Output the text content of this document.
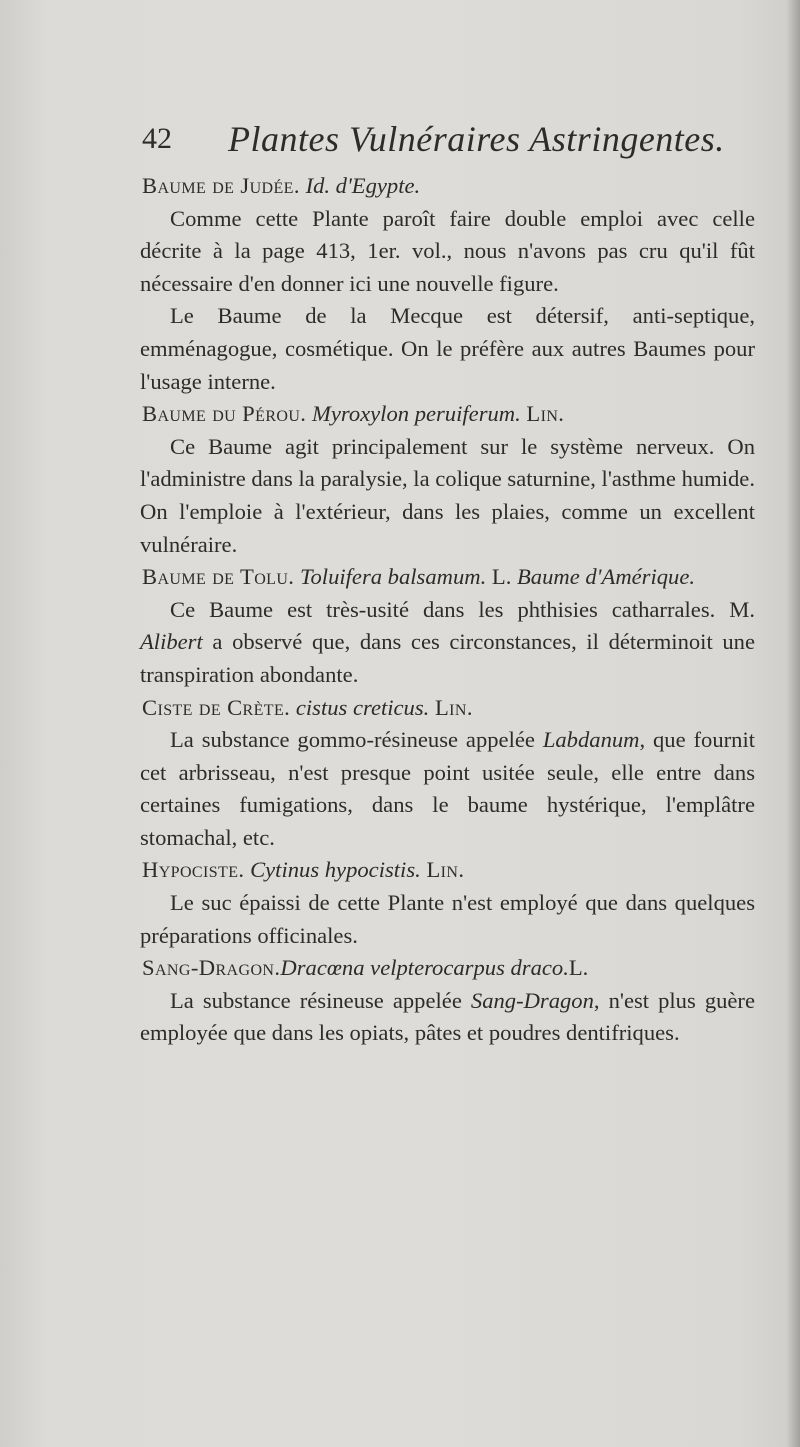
42 Plantes Vulnéraires Astringentes.

Baume de Judée. Id. d'Egypte.

Comme cette Plante paroît faire double emploi avec celle décrite à la page 413, 1er. vol., nous n'avons pas cru qu'il fût nécessaire d'en donner ici une nouvelle figure.

Le Baume de la Mecque est détersif, anti-septique, emménagogue, cosmétique. On le préfère aux autres Baumes pour l'usage interne.

Baume du Pérou. Myroxylon peruiferum. Lin.

Ce Baume agit principalement sur le système nerveux. On l'administre dans la paralysie, la colique saturnine, l'asthme humide. On l'emploie à l'extérieur, dans les plaies, comme un excellent vulnéraire.

Baume de Tolu. Toluifera balsamum. L. Baume d'Amérique.

Ce Baume est très-usité dans les phthisies catharrales. M. Alibert a observé que, dans ces circonstances, il déterminoit une transpiration abondante.

Ciste de Crète. cistus creticus. Lin.

La substance gommo-résineuse appelée Labdanum, que fournit cet arbrisseau, n'est presque point usitée seule, elle entre dans certaines fumigations, dans le baume hystérique, l'emplâtre stomachal, etc.

Hypociste. Cytinus hypocistis. Lin.

Le suc épaissi de cette Plante n'est employé que dans quelques préparations officinales.

Sang-Dragon.Dracœna velpterocarpus draco.L.

La substance résineuse appelée Sang-Dragon, n'est plus guère employée que dans les opiats, pâtes et poudres dentifriques.
